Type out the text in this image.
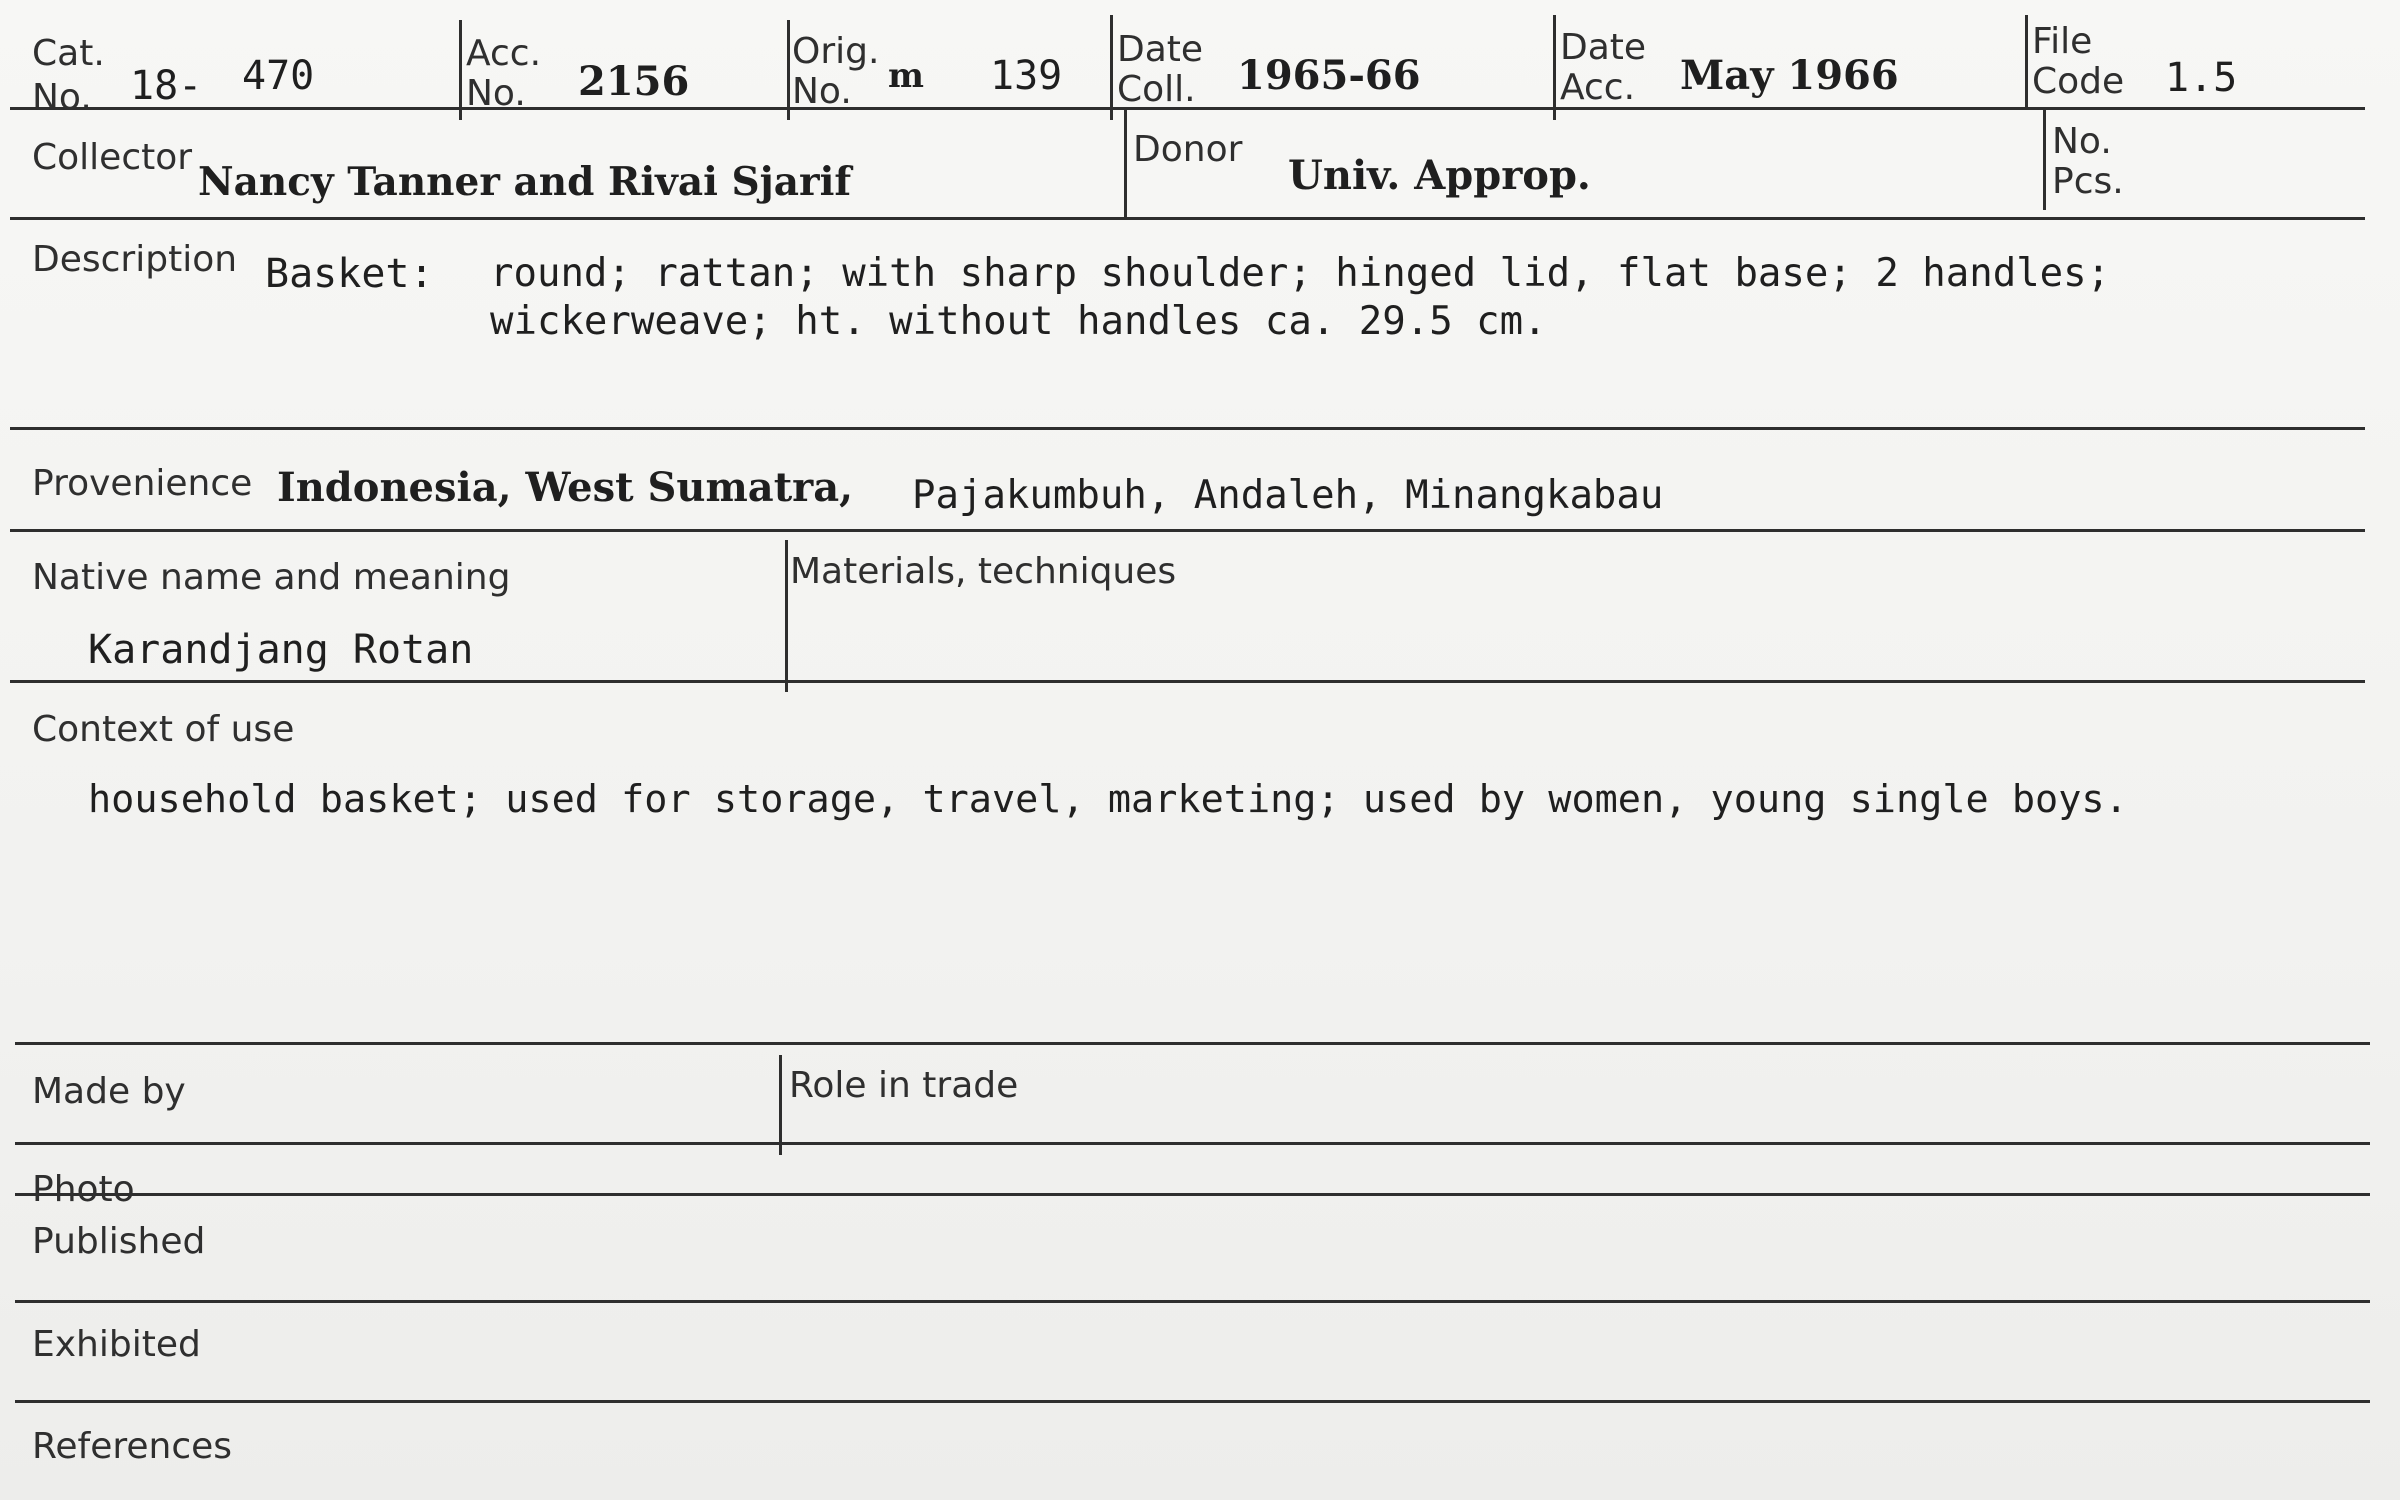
Cat.
No. 18- 470	Acc.
No. 2156
Orig.
No. m 139
Date
Coll. 1965-66
Date
Acc. May 1966
File
Code 1.5
Collector
Nancy Tanner and Rivai Sjarif
Donor
Univ. Approp.
No.
Pcs.
Description Basket: round; rattan; with sharp shoulder; hinged lid, flat base; 2 handles;
wickerweave; ht. without handles ca. 29.5 cm.
Provenience Indonesia, West Sumatra, Pajakumbuh, Andaleh, Minangkabau
Native name and meaning
Karandjang Rotan
Materials, techniques
Context of use
household basket; used for storage, travel, marketing; used by women, young single boys.
Made by	Role in trade
Photo
Published
Exhibited
References
